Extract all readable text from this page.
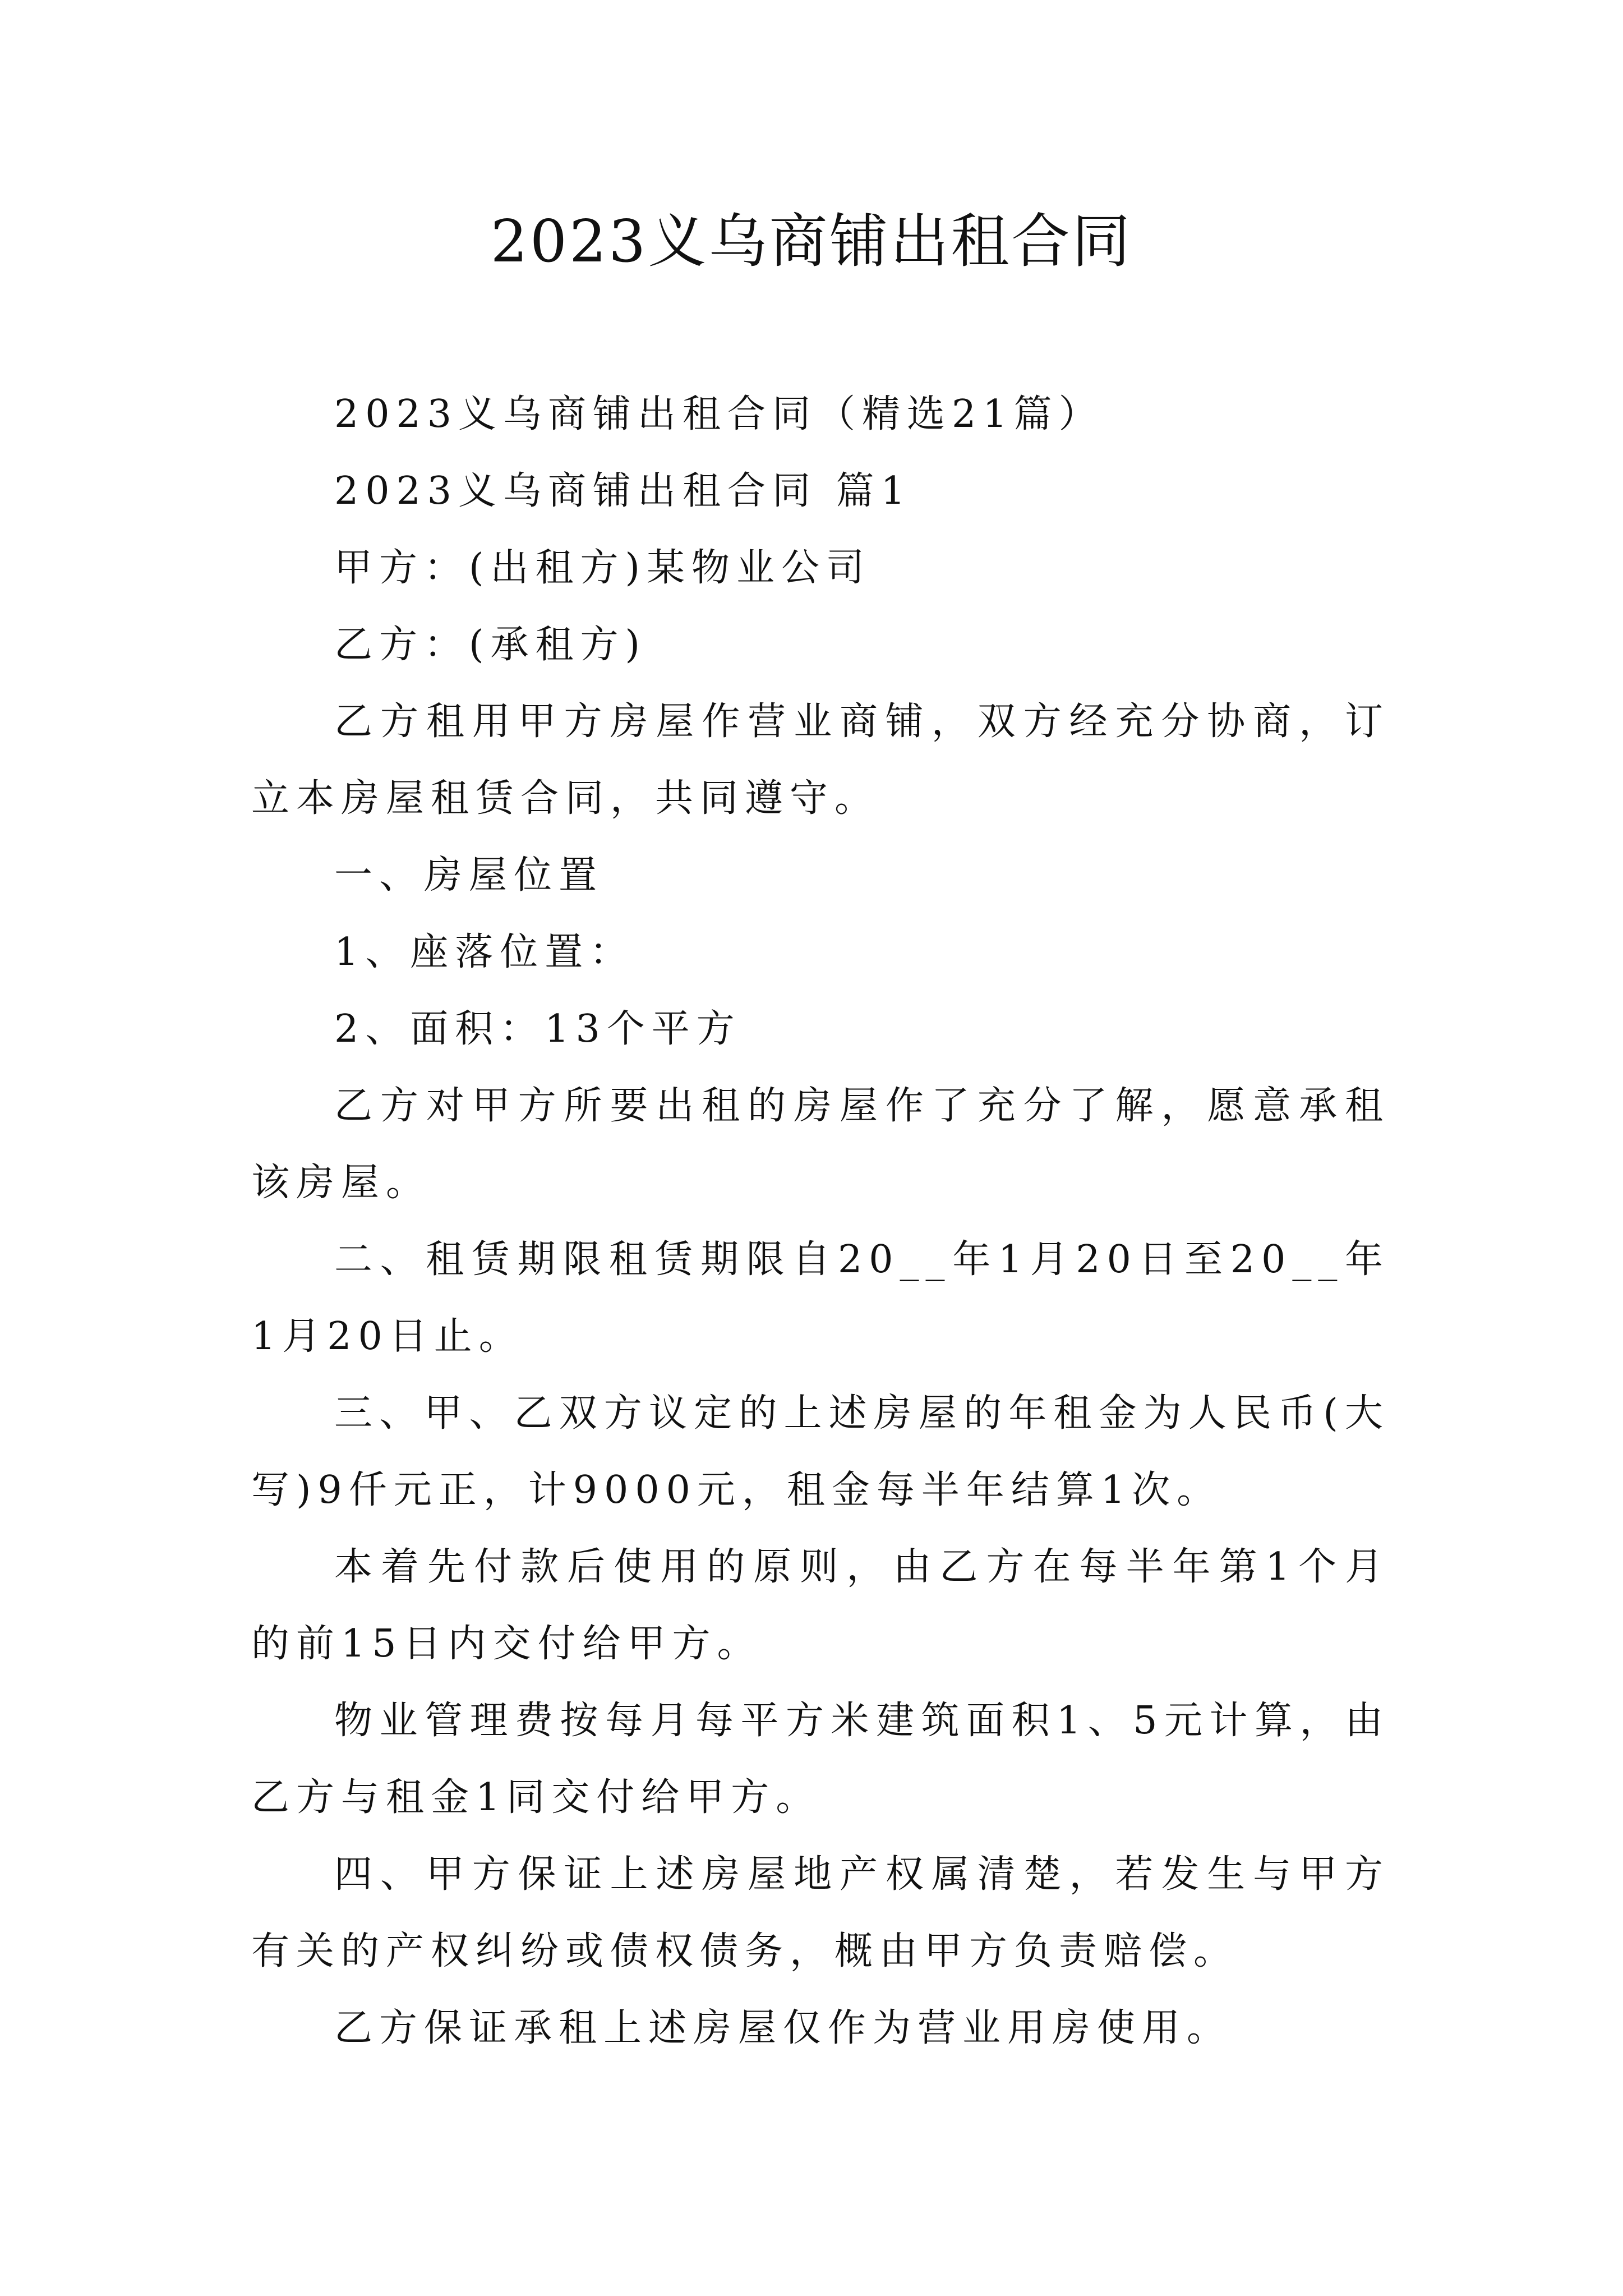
2023义乌商铺出租合同

2023义乌商铺出租合同（精选21篇）

2023义乌商铺出租合同 篇1

甲方：(出租方)某物业公司

乙方：(承租方)

乙方租用甲方房屋作营业商铺，双方经充分协商，订立本房屋租赁合同，共同遵守。

一、房屋位置

1、座落位置：

2、面积：13个平方

乙方对甲方所要出租的房屋作了充分了解，愿意承租该房屋。

二、租赁期限租赁期限自20__年1月20日至20__年1月20日止。

三、甲、乙双方议定的上述房屋的年租金为人民币(大写)9仟元正，计9000元，租金每半年结算1次。

本着先付款后使用的原则，由乙方在每半年第1个月的前15日内交付给甲方。

物业管理费按每月每平方米建筑面积1、5元计算，由乙方与租金1同交付给甲方。

四、甲方保证上述房屋地产权属清楚，若发生与甲方有关的产权纠纷或债权债务，概由甲方负责赔偿。

乙方保证承租上述房屋仅作为营业用房使用。
